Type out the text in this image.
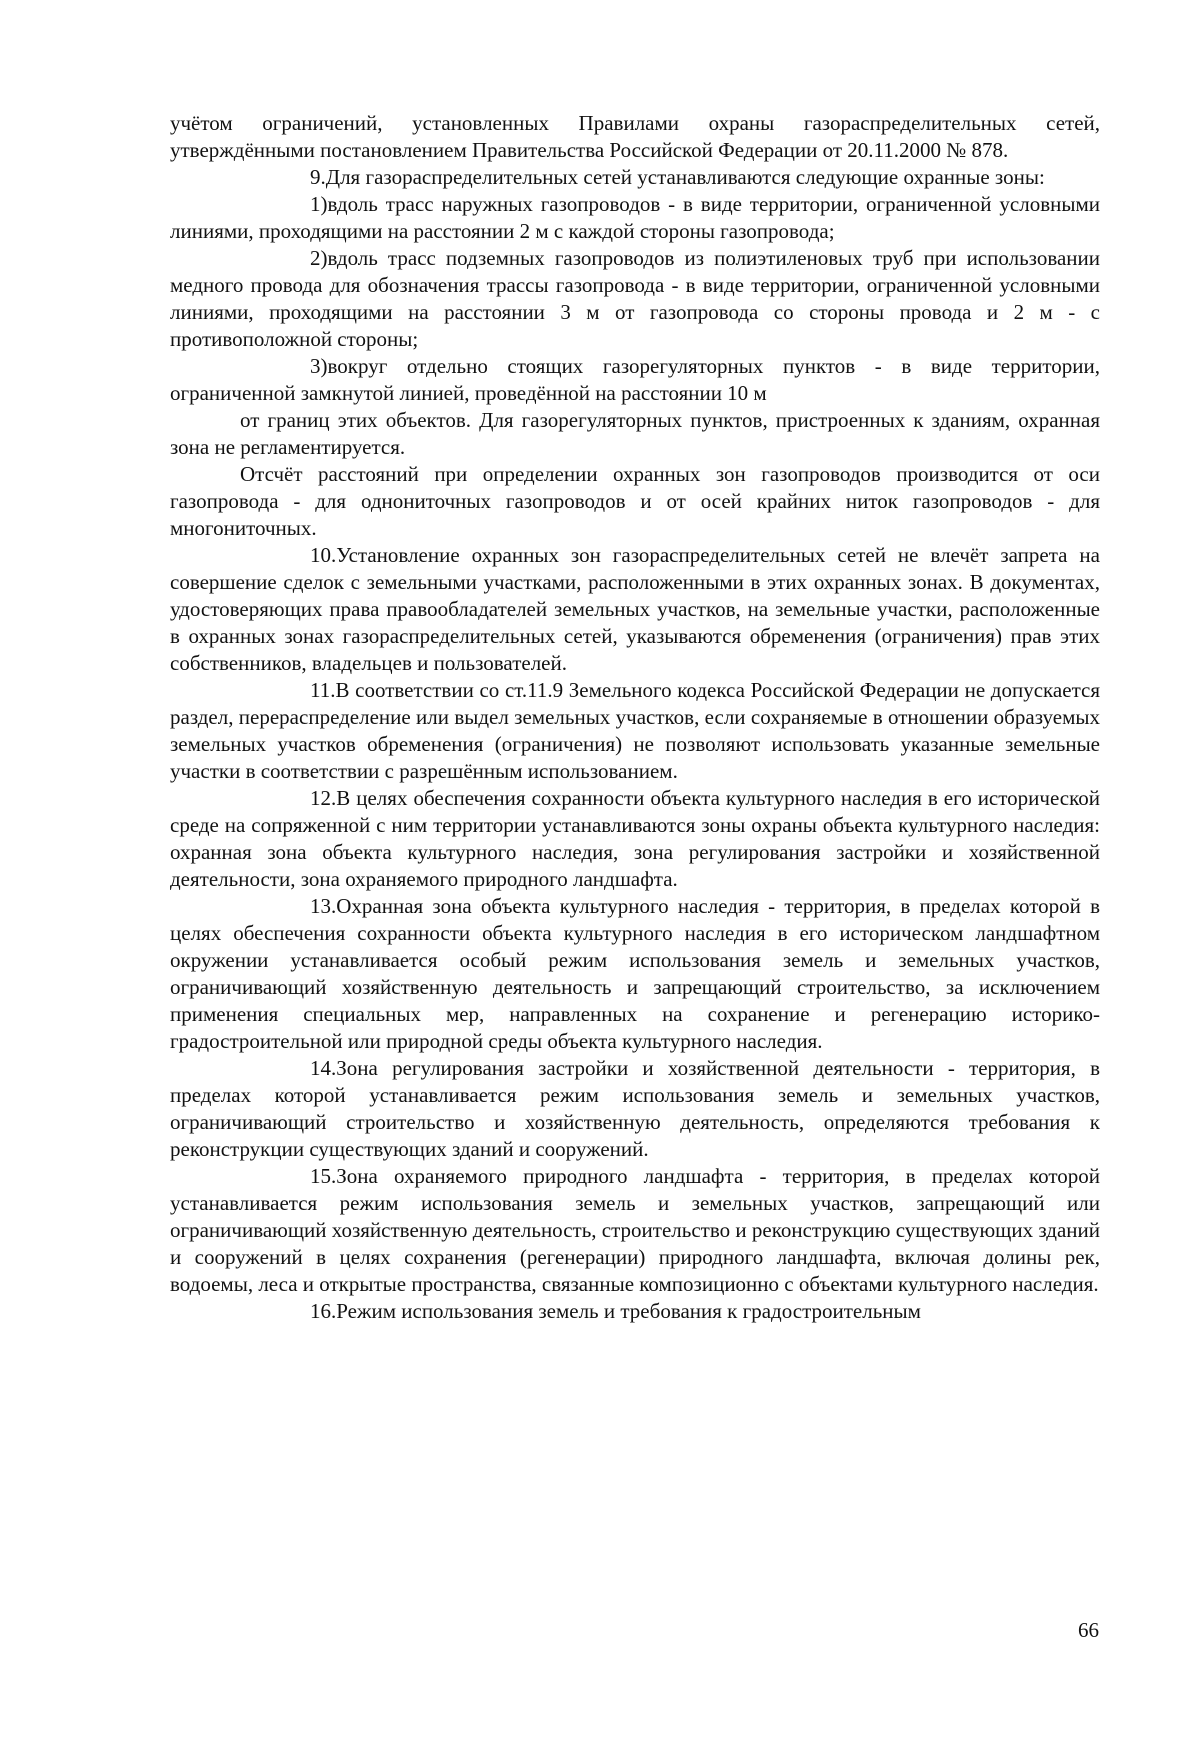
учётом ограничений, установленных Правилами охраны газораспределительных сетей, утверждёнными постановлением Правительства Российской Федерации от 20.11.2000 № 878.

9.Для газораспределительных сетей устанавливаются следующие охранные зоны:

1)вдоль трасс наружных газопроводов - в виде территории, ограниченной условными линиями, проходящими на расстоянии 2 м с каждой стороны газопровода;

2)вдоль трасс подземных газопроводов из полиэтиленовых труб при использовании медного провода для обозначения трассы газопровода - в виде территории, ограниченной условными линиями, проходящими на расстоянии 3 м от газопровода со стороны провода и 2 м - с противоположной стороны;

3)вокруг отдельно стоящих газорегуляторных пунктов - в виде территории, ограниченной замкнутой линией, проведённой на расстоянии 10 м

от границ этих объектов. Для газорегуляторных пунктов, пристроенных к зданиям, охранная зона не регламентируется.

Отсчёт расстояний при определении охранных зон газопроводов производится от оси газопровода - для однониточных газопроводов и от осей крайних ниток газопроводов - для многониточных.

10.Установление охранных зон газораспределительных сетей не влечёт запрета на совершение сделок с земельными участками, расположенными в этих охранных зонах. В документах, удостоверяющих права правообладателей земельных участков, на земельные участки, расположенные в охранных зонах газораспределительных сетей, указываются обременения (ограничения) прав этих собственников, владельцев и пользователей.

11.В соответствии со ст.11.9 Земельного кодекса Российской Федерации не допускается раздел, перераспределение или выдел земельных участков, если сохраняемые в отношении образуемых земельных участков обременения (ограничения) не позволяют использовать указанные земельные участки в соответствии с разрешённым использованием.

12.В целях обеспечения сохранности объекта культурного наследия в его исторической среде на сопряженной с ним территории устанавливаются зоны охраны объекта культурного наследия: охранная зона объекта культурного наследия, зона регулирования застройки и хозяйственной деятельности, зона охраняемого природного ландшафта.

13.Охранная зона объекта культурного наследия - территория, в пределах которой в целях обеспечения сохранности объекта культурного наследия в его историческом ландшафтном окружении устанавливается особый режим использования земель и земельных участков, ограничивающий хозяйственную деятельность и запрещающий строительство, за исключением применения специальных мер, направленных на сохранение и регенерацию историко-градостроительной или природной среды объекта культурного наследия.

14.Зона регулирования застройки и хозяйственной деятельности - территория, в пределах которой устанавливается режим использования земель и земельных участков, ограничивающий строительство и хозяйственную деятельность, определяются требования к реконструкции существующих зданий и сооружений.

15.Зона охраняемого природного ландшафта - территория, в пределах которой устанавливается режим использования земель и земельных участков, запрещающий или ограничивающий хозяйственную деятельность, строительство и реконструкцию существующих зданий и сооружений в целях сохранения (регенерации) природного ландшафта, включая долины рек, водоемы, леса и открытые пространства, связанные композиционно с объектами культурного наследия.

16.Режим использования земель и требования к градостроительным

66
